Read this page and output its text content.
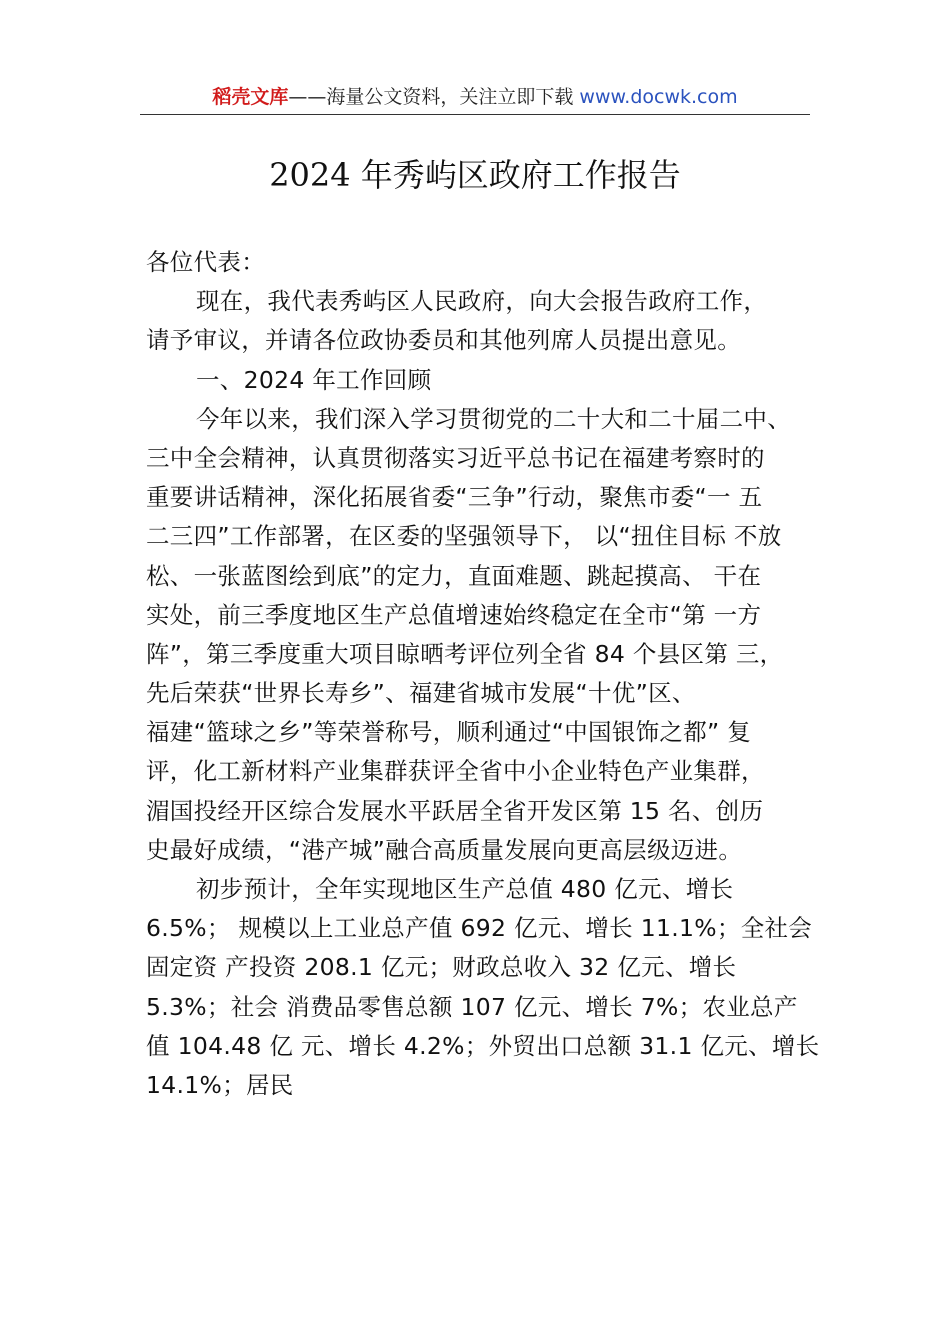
稻壳文库——海量公文资料，关注立即下载 www.docwk.com
2024 年秀屿区政府工作报告
各位代表：
现在，我代表秀屿区人民政府，向大会报告政府工作，
请予审议，并请各位政协委员和其他列席人员提出意见。
一、2024 年工作回顾
今年以来，我们深入学习贯彻党的二十大和二十届二中、
三中全会精神，认真贯彻落实习近平总书记在福建考察时的
重要讲话精神，深化拓展省委“三争”行动，聚焦市委“一 五
二三四”工作部署，在区委的坚强领导下， 以“扭住目标 不放
松、一张蓝图绘到底”的定力，直面难题、跳起摸高、 干在
实处，前三季度地区生产总值增速始终稳定在全市“第 一方
阵”，第三季度重大项目晾晒考评位列全省 84 个县区第 三，
先后荣获“世界长寿乡”、福建省城市发展“十优”区、
福建“篮球之乡”等荣誉称号，顺利通过“中国银饰之都” 复
评，化工新材料产业集群获评全省中小企业特色产业集群，
湄国投经开区综合发展水平跃居全省开发区第 15 名、创历
史最好成绩，“港产城”融合高质量发展向更高层级迈进。
初步预计，全年实现地区生产总值 480 亿元、增长
6.5%； 规模以上工业总产值 692 亿元、增长 11.1%；全社会
固定资 产投资 208.1 亿元；财政总收入 32 亿元、增长
5.3%；社会 消费品零售总额 107 亿元、增长 7%；农业总产
值 104.48 亿 元、增长 4.2%；外贸出口总额 31.1 亿元、增长
14.1%；居民
